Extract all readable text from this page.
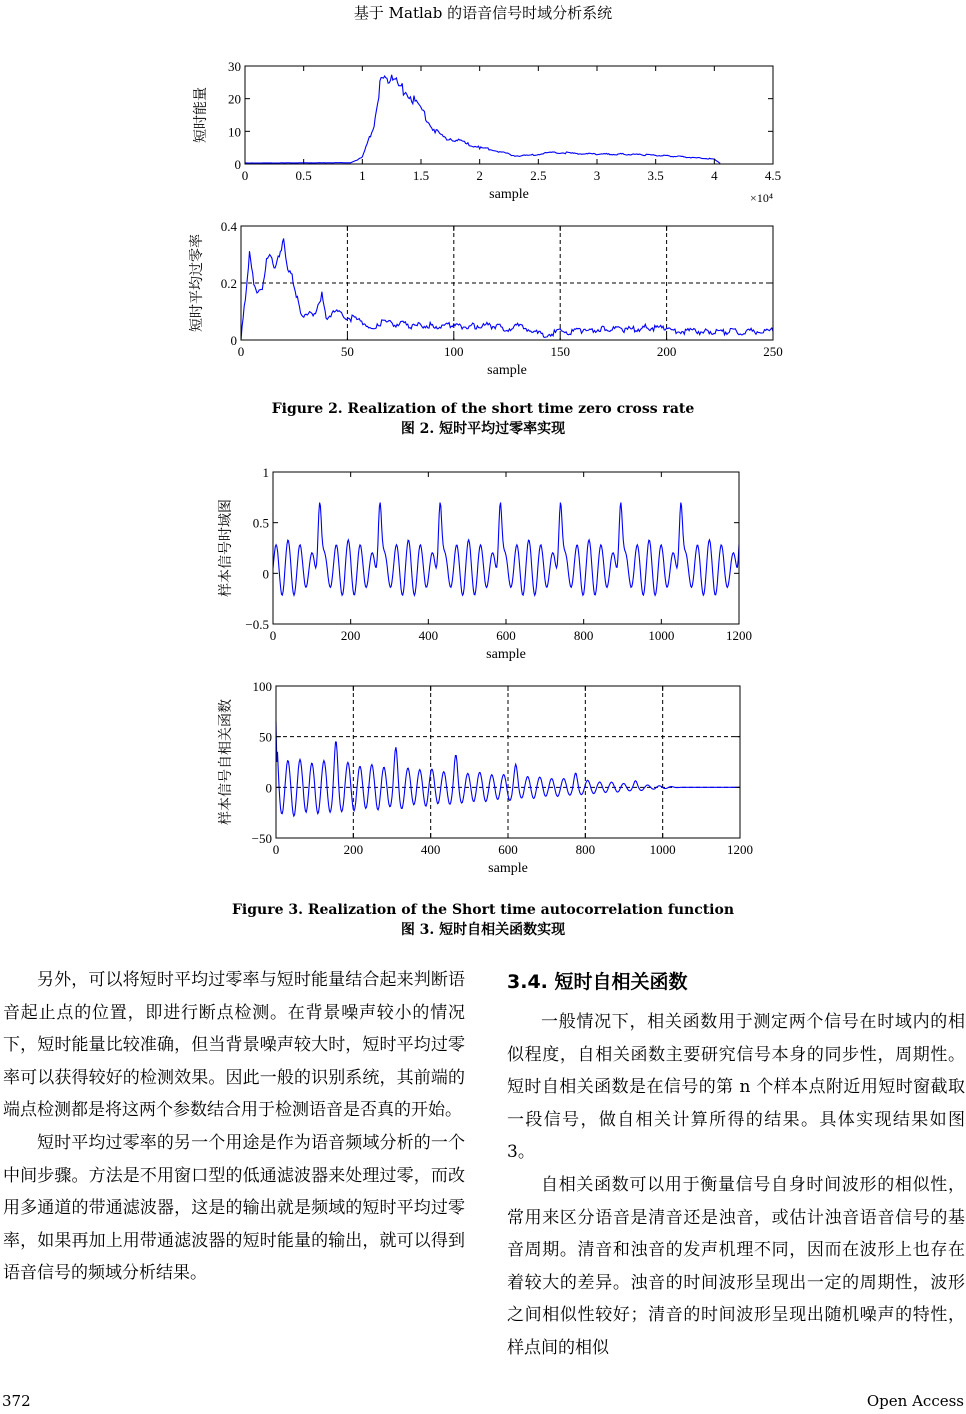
基于 Matlab 的语音信号时域分析系统
0	0.5	1	1.5	2	2.5	3	3.5	4	4.5
0
10
20
30
sample
短时能量
×10⁴
0	50	100	150	200	250
0
0.2
0.4
sample
短时平均过零率
Figure 2. Realization of the short time zero cross rate
图 2. 短时平均过零率实现
0	200	400	600	800	1000	1200
−0.5
0
0.5
1
sample
样本信号时域图
0	200	400	600	800	1000	1200
−50
0
50
100
sample
样本信号自相关函数
Figure 3. Realization of the Short time autocorrelation function
图 3. 短时自相关函数实现

另外，可以将短时平均过零率与短时能量结合起来判断语音起止点的位置，即进行断点检测。在背景噪声较小的情况下，短时能量比较准确，但当背景噪声较大时，短时平均过零率可以获得较好的检测效果。因此一般的识别系统，其前端的端点检测都是将这两个参数结合用于检测语音是否真的开始。

短时平均过零率的另一个用途是作为语音频域分析的一个中间步骤。方法是不用窗口型的低通滤波器来处理过零，而改用多通道的带通滤波器，这是的输出就是频域的短时平均过零率，如果再加上用带通滤波器的短时能量的输出，就可以得到语音信号的频域分析结果。

3.4. 短时自相关函数

一般情况下，相关函数用于测定两个信号在时域内的相似程度，自相关函数主要研究信号本身的同步性，周期性。短时自相关函数是在信号的第 n 个样本点附近用短时窗截取一段信号，做自相关计算所得的结果。具体实现结果如图 3。

自相关函数可以用于衡量信号自身时间波形的相似性，常用来区分语音是清音还是浊音，或估计浊音语音信号的基音周期。清音和浊音的发声机理不同，因而在波形上也存在着较大的差异。浊音的时间波形呈现出一定的周期性，波形之间相似性较好；清音的时间波形呈现出随机噪声的特性，样点间的相似

372	Open Access
